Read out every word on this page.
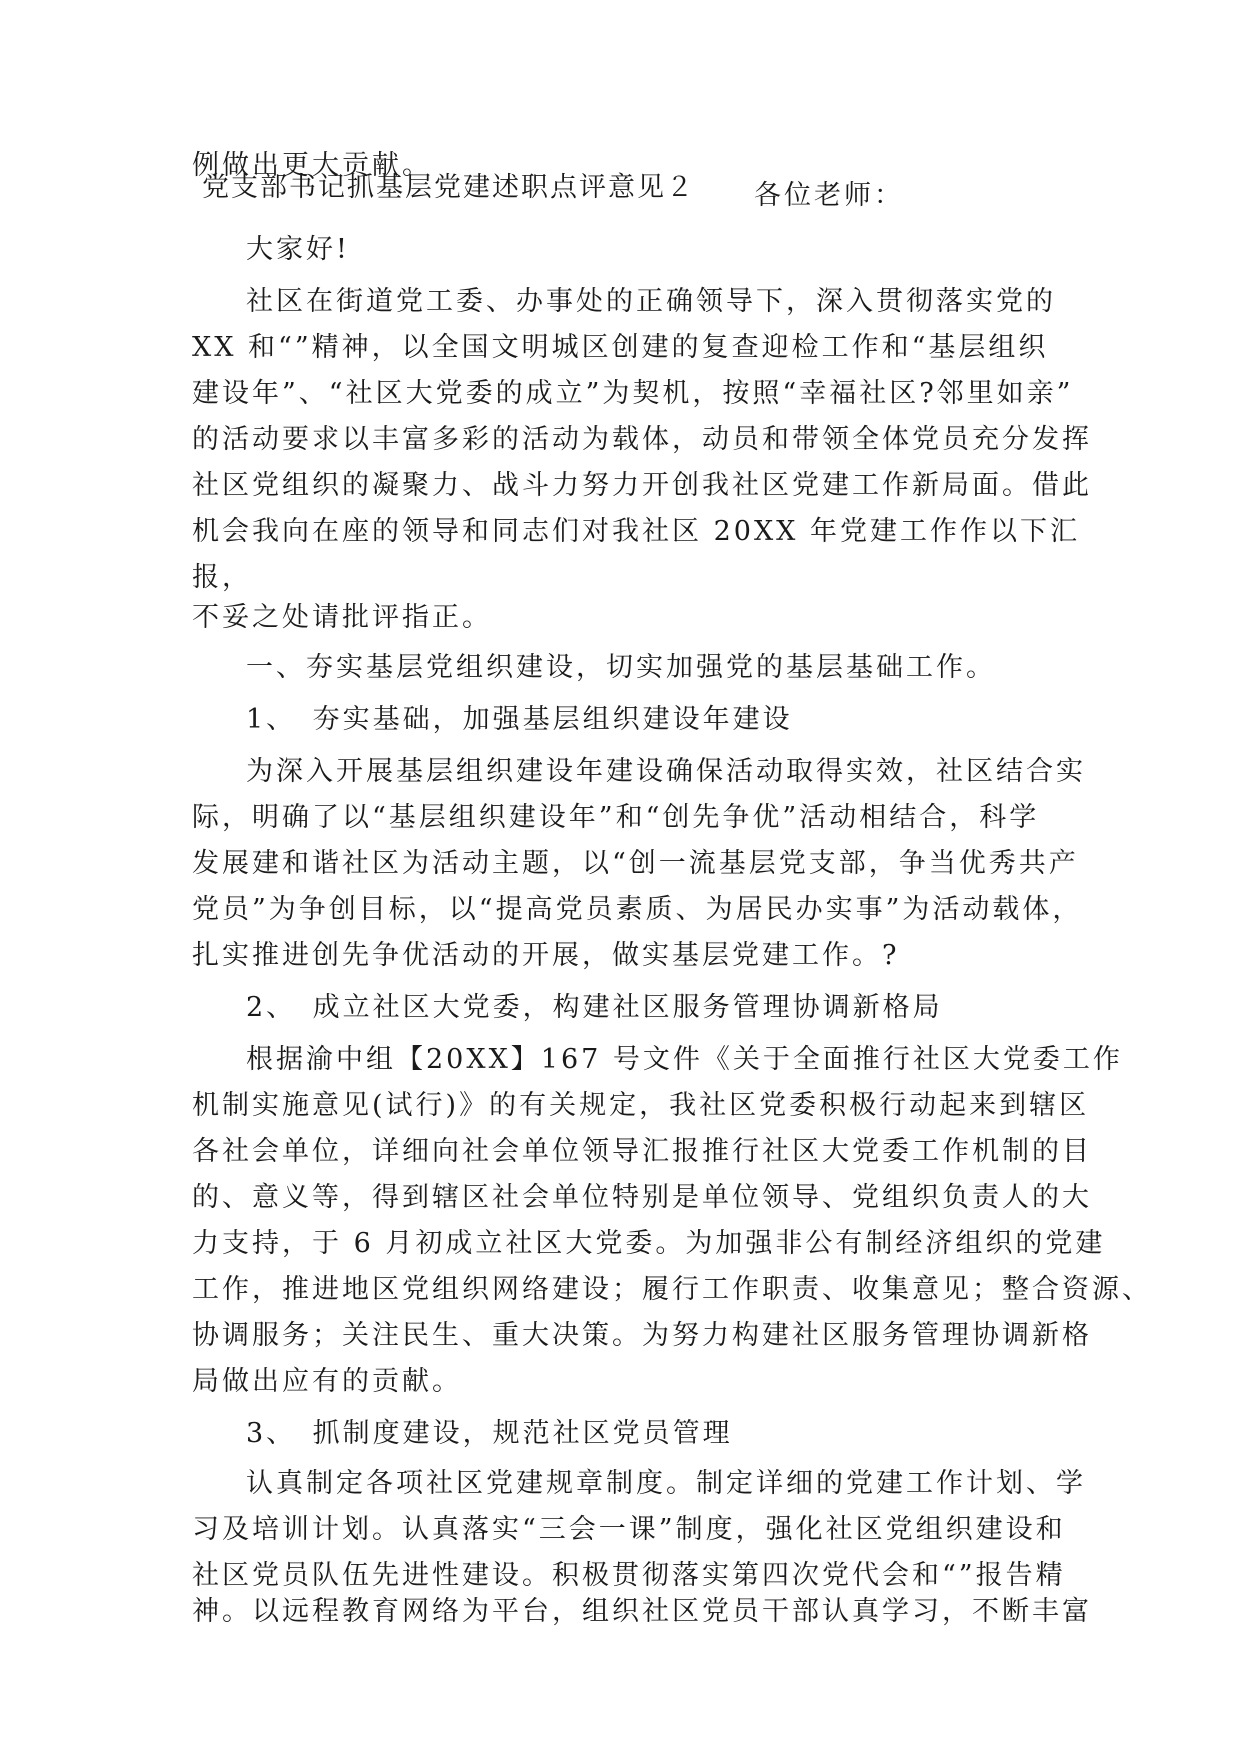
例做出更大贡献。
党支部书记抓基层党建述职点评意见２ 各位老师：
大家好!
社区在街道党工委、办事处的正确领导下，深入贯彻落实党的
XX 和“”精神，以全国文明城区创建的复查迎检工作和“基层组织
建设年”、“社区大党委的成立”为契机，按照“幸福社区?邻里如亲”
的活动要求以丰富多彩的活动为载体，动员和带领全体党员充分发挥
社区党组织的凝聚力、战斗力努力开创我社区党建工作新局面。借此
机会我向在座的领导和同志们对我社区 20XX 年党建工作作以下汇
报，
不妥之处请批评指正。
一、夯实基层党组织建设，切实加强党的基层基础工作。
1、　夯实基础，加强基层组织建设年建设
为深入开展基层组织建设年建设确保活动取得实效，社区结合实
际，明确了以“基层组织建设年”和“创先争优”活动相结合，科学
发展建和谐社区为活动主题，以“创一流基层党支部，争当优秀共产
党员”为争创目标，以“提高党员素质、为居民办实事”为活动载体，
扎实推进创先争优活动的开展，做实基层党建工作。?
2、　成立社区大党委，构建社区服务管理协调新格局
根据渝中组【20XX】167 号文件《关于全面推行社区大党委工作
机制实施意见(试行)》的有关规定，我社区党委积极行动起来到辖区
各社会单位，详细向社会单位领导汇报推行社区大党委工作机制的目
的、意义等，得到辖区社会单位特别是单位领导、党组织负责人的大
力支持，于 6 月初成立社区大党委。为加强非公有制经济组织的党建
工作，推进地区党组织网络建设；履行工作职责、收集意见；整合资源、
协调服务；关注民生、重大决策。为努力构建社区服务管理协调新格
局做出应有的贡献。
3、　抓制度建设，规范社区党员管理
认真制定各项社区党建规章制度。制定详细的党建工作计划、学
习及培训计划。认真落实“三会一课”制度，强化社区党组织建设和
社区党员队伍先进性建设。积极贯彻落实第四次党代会和“”报告精
神。以远程教育网络为平台，组织社区党员干部认真学习，不断丰富
